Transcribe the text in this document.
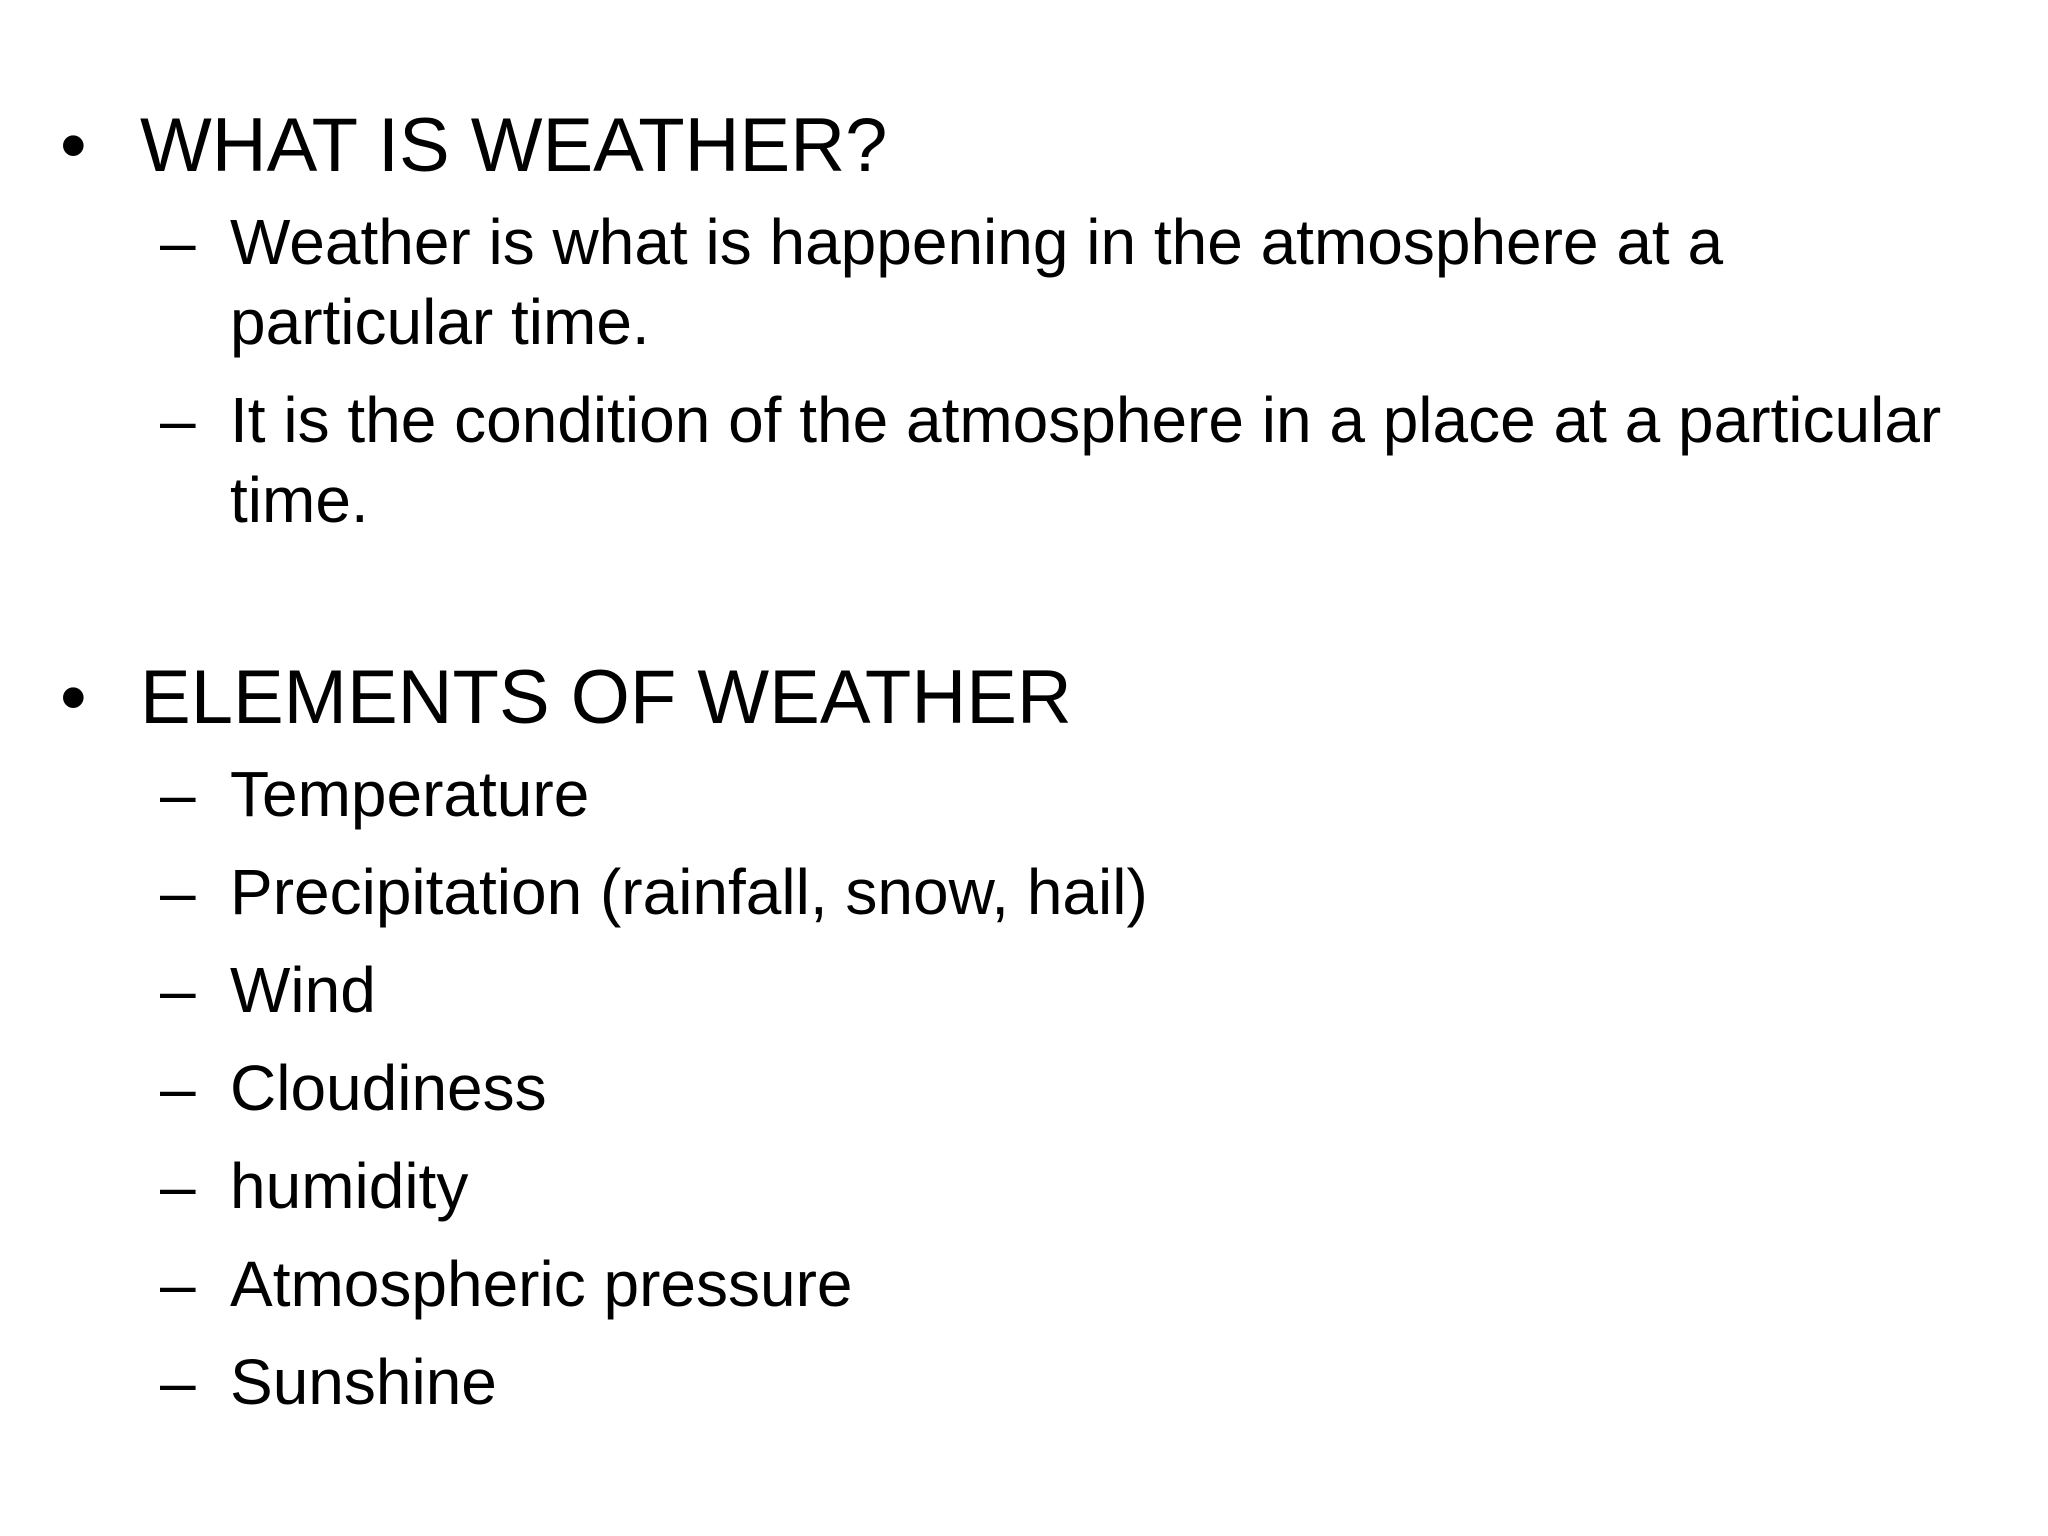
• WHAT IS WEATHER?
– Weather is what is happening in the atmosphere at a particular time.
– It is the condition of the atmosphere in a place at a particular time.
• ELEMENTS OF WEATHER
– Temperature
– Precipitation (rainfall, snow, hail)
– Wind
– Cloudiness
– humidity
– Atmospheric pressure
– Sunshine
